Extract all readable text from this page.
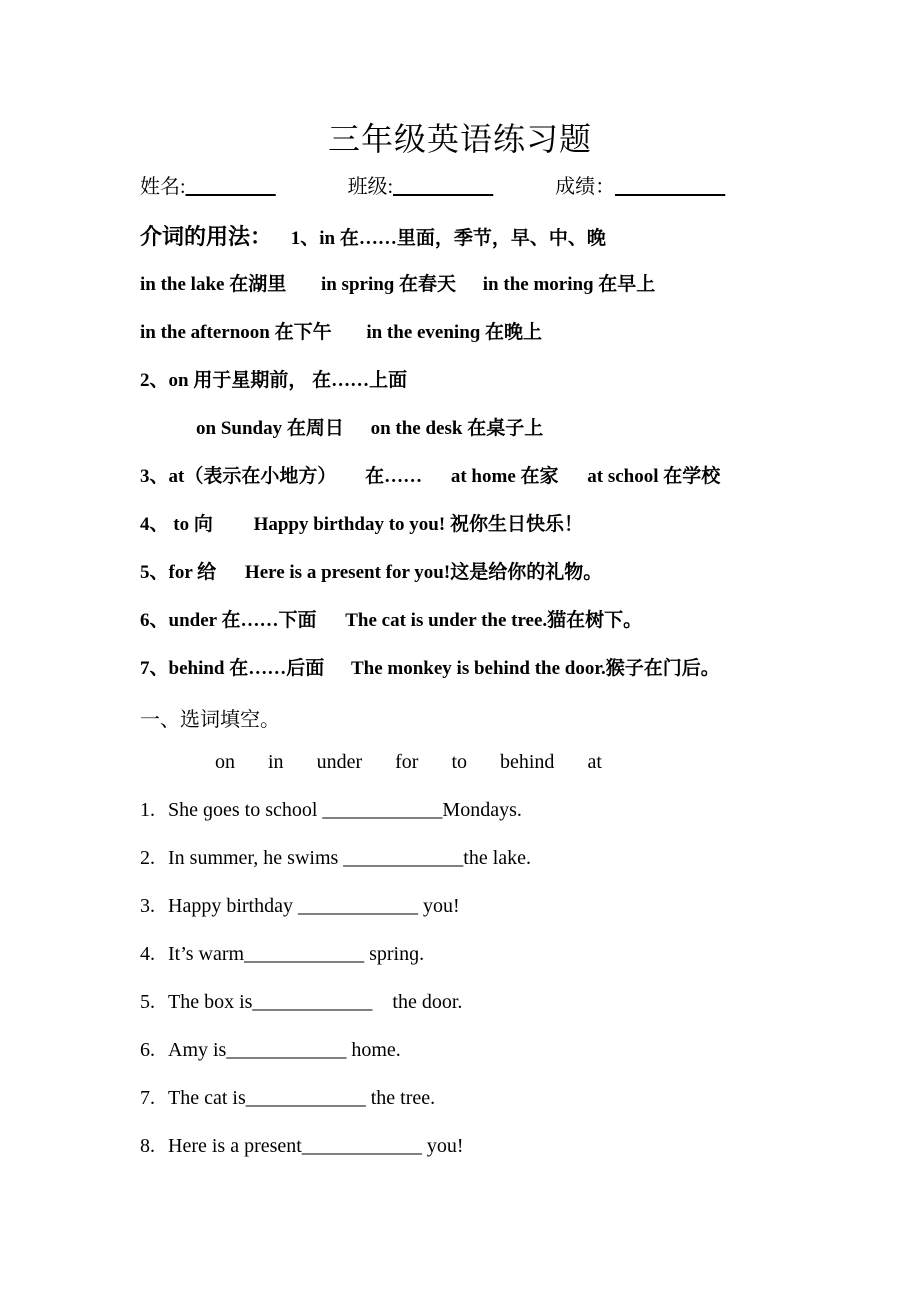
三年级英语练习题
姓名:_________	班级:__________	成绩：___________
介词的用法： 1、in 在……里面，季节，早、中、晚
in the lake 在湖里 in sprinɡ 在春天 in the morinɡ 在早上
in the afternoon 在下午 in the eveninɡ 在晚上
2、on 用于星期前， 在……上面
on Sunday 在周日 on the desk 在桌子上
3、at（表示在小地方） 在…… at home 在家 at school 在学校
4、 to 向 Happy birthday to you! 祝你生日快乐！
5、for 给 Here is a present for you!这是给你的礼物。
6、under 在……下面 The cat is under the tree.猫在树下。
7、behind 在……后面 The monkey is behind the door.猴子在门后。
一、选词填空。
on in under for to behind at
1. She ɡoes to school ____________Mondays.
2. In summer, he swims ____________the lake.
3. Happy birthday ____________ you!
4. It’s warm____________ sprinɡ.
5. The box is____________    the door.
6. Amy is____________ home.
7. The cat is____________ the tree.
8. Here is a present____________ you!
